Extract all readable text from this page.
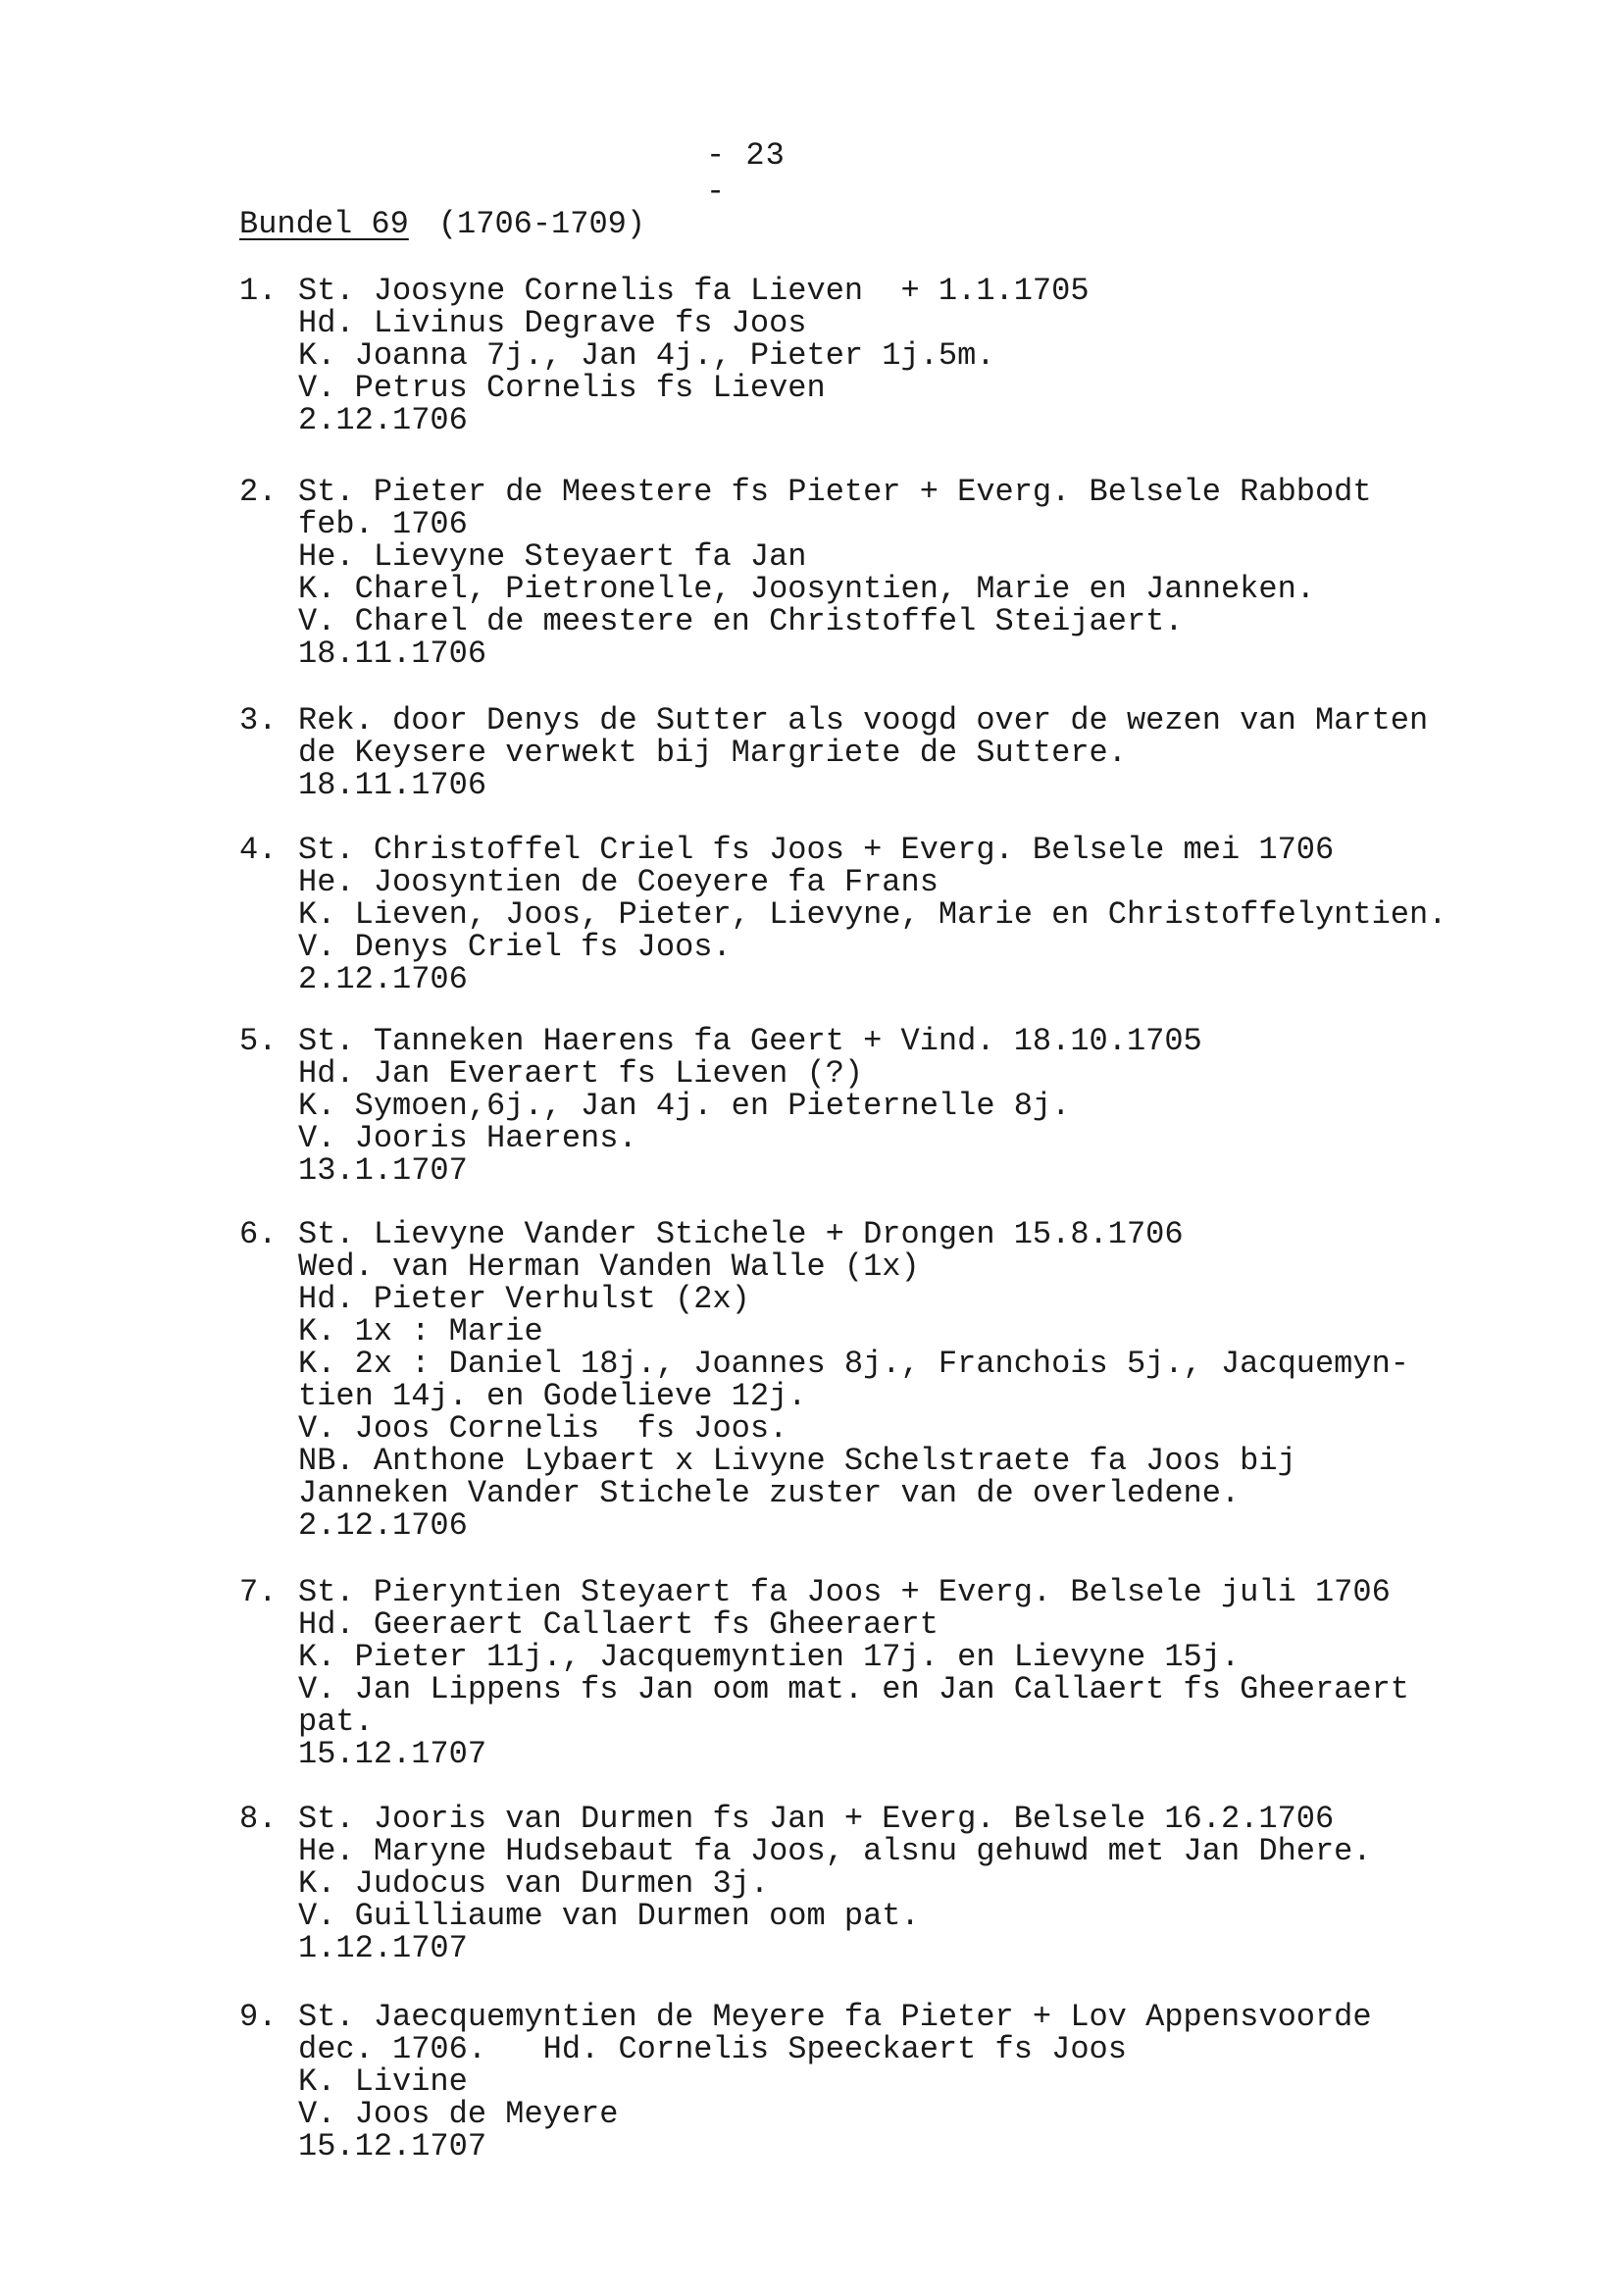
- 23 -
Bundel 69 (1706-1709)
1. St. Joosyne Cornelis fa Lieven  + 1.1.1705
Hd. Livinus Degrave fs Joos
K. Joanna 7j., Jan 4j., Pieter 1j.5m.
V. Petrus Cornelis fs Lieven
2.12.1706
2. St. Pieter de Meestere fs Pieter + Everg. Belsele Rabbodt
feb. 1706
He. Lievyne Steyaert fa Jan
K. Charel, Pietronelle, Joosyntien, Marie en Janneken.
V. Charel de meestere en Christoffel Steijaert.
18.11.1706
3. Rek. door Denys de Sutter als voogd over de wezen van Marten
de Keysere verwekt bij Margriete de Suttere.
18.11.1706
4. St. Christoffel Criel fs Joos + Everg. Belsele mei 1706
He. Joosyntien de Coeyere fa Frans
K. Lieven, Joos, Pieter, Lievyne, Marie en Christoffelyntien.
V. Denys Criel fs Joos.
2.12.1706
5. St. Tanneken Haerens fa Geert + Vind. 18.10.1705
Hd. Jan Everaert fs Lieven (?)
K. Symoen,6j., Jan 4j. en Pieternelle 8j.
V. Jooris Haerens.
13.1.1707
6. St. Lievyne Vander Stichele + Drongen 15.8.1706
Wed. van Herman Vanden Walle (1x)
Hd. Pieter Verhulst (2x)
K. 1x : Marie
K. 2x : Daniel 18j., Joannes 8j., Franchois 5j., Jacquemyn-
tien 14j. en Godelieve 12j.
V. Joos Cornelis  fs Joos.
NB. Anthone Lybaert x Livyne Schelstraete fa Joos bij
Janneken Vander Stichele zuster van de overledene.
2.12.1706
7. St. Pieryntien Steyaert fa Joos + Everg. Belsele juli 1706
Hd. Geeraert Callaert fs Gheeraert
K. Pieter 11j., Jacquemyntien 17j. en Lievyne 15j.
V. Jan Lippens fs Jan oom mat. en Jan Callaert fs Gheeraert
pat.
15.12.1707
8. St. Jooris van Durmen fs Jan + Everg. Belsele 16.2.1706
He. Maryne Hudsebaut fa Joos, alsnu gehuwd met Jan Dhere.
K. Judocus van Durmen 3j.
V. Guilliaume van Durmen oom pat.
1.12.1707
9. St. Jaecquemyntien de Meyere fa Pieter + Lov Appensvoorde
dec. 1706.   Hd. Cornelis Speeckaert fs Joos
K. Livine
V. Joos de Meyere
15.12.1707
